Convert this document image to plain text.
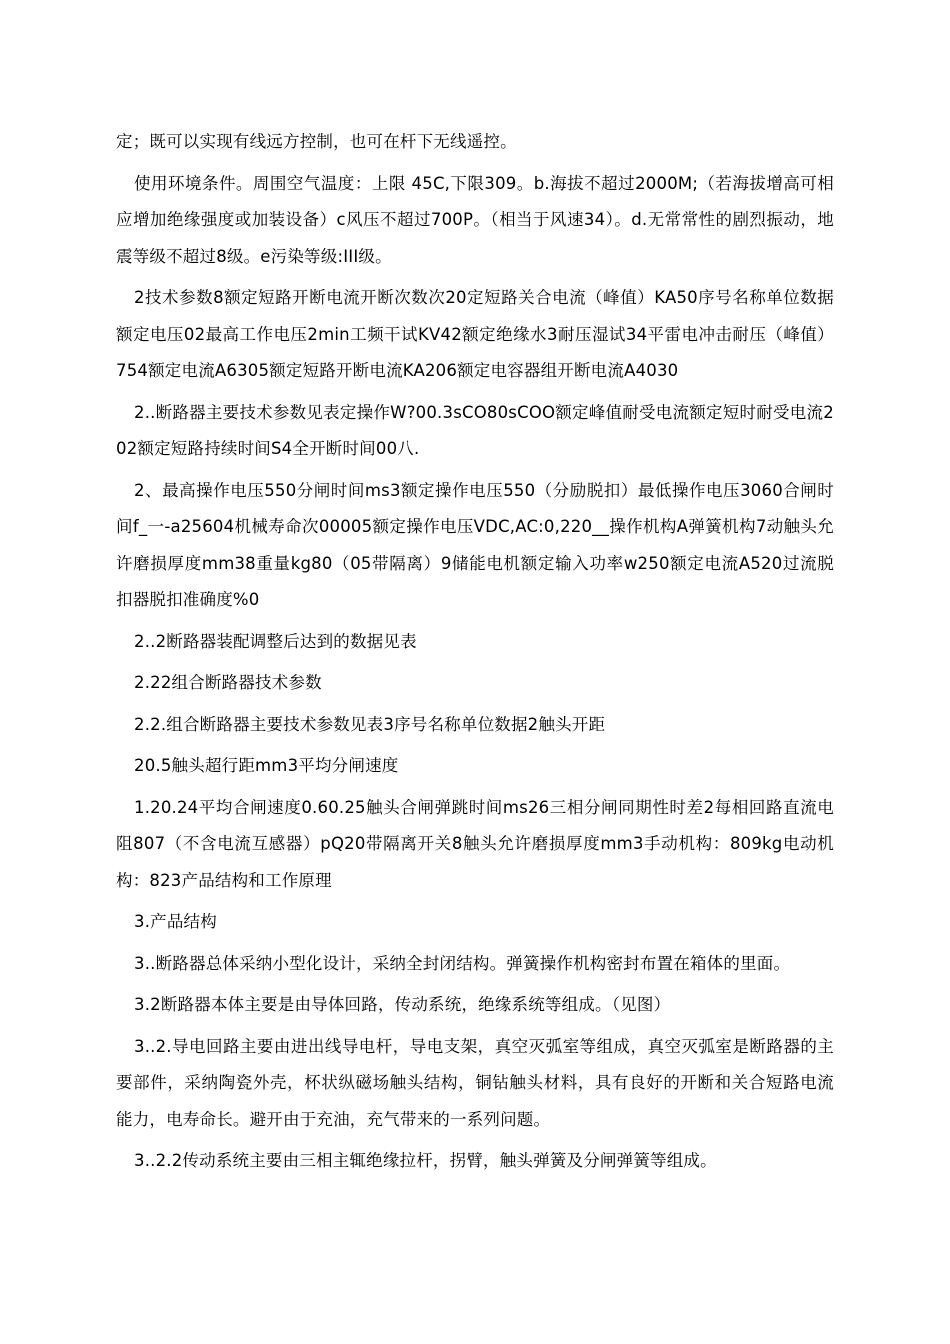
定；既可以实现有线远方控制，也可在杆下无线遥控。

使用环境条件。周围空气温度：上限 45C,下限309。b.海拔不超过2000M;（若海拔增高可相应增加绝缘强度或加装设备）c风压不超过700P。（相当于风速34）。d.无常常性的剧烈振动，地震等级不超过8级。e污染等级:III级。

2技术参数8额定短路开断电流开断次数次20定短路关合电流（峰值）KA50序号名称单位数据额定电压02最高工作电压2min工频干试KV42额定绝缘水3耐压湿试34平雷电冲击耐压（峰值）754额定电流A6305额定短路开断电流KA206额定电容器组开断电流A4030

2..断路器主要技术参数见表定操作W?00.3sCO80sCOO额定峰值耐受电流额定短时耐受电流202额定短路持续时间S4全开断时间00八.

2、最高操作电压550分闸时间ms3额定操作电压550（分励脱扣）最低操作电压3060合闸时间f_一-a25604机械寿命次00005额定操作电压VDC,AC:0,220__操作机构A弹簧机构7动触头允许磨损厚度mm38重量kg80（05带隔离）9储能电机额定输入功率w250额定电流A520过流脱扣器脱扣准确度%0

2..2断路器装配调整后达到的数据见表

2.22组合断路器技术参数

2.2.组合断路器主要技术参数见表3序号名称单位数据2触头开距

20.5触头超行距mm3平均分闸速度

1.20.24平均合闸速度0.60.25触头合闸弹跳时间ms26三相分闸同期性时差2每相回路直流电阻807（不含电流互感器）pQ20带隔离开关8触头允许磨损厚度mm3手动机构：809kg电动机构：823产品结构和工作原理

3.产品结构

3..断路器总体采纳小型化设计，采纳全封闭结构。弹簧操作机构密封布置在箱体的里面。

3.2断路器本体主要是由导体回路，传动系统，绝缘系统等组成。（见图）

3..2.导电回路主要由进出线导电杆，导电支架，真空灭弧室等组成，真空灭弧室是断路器的主要部件，采纳陶瓷外壳，杯状纵磁场触头结构，铜钻触头材料，具有良好的开断和关合短路电流能力，电寿命长。避开由于充油，充气带来的一系列问题。

3..2.2传动系统主要由三相主辄绝缘拉杆，拐臂，触头弹簧及分闸弹簧等组成。
